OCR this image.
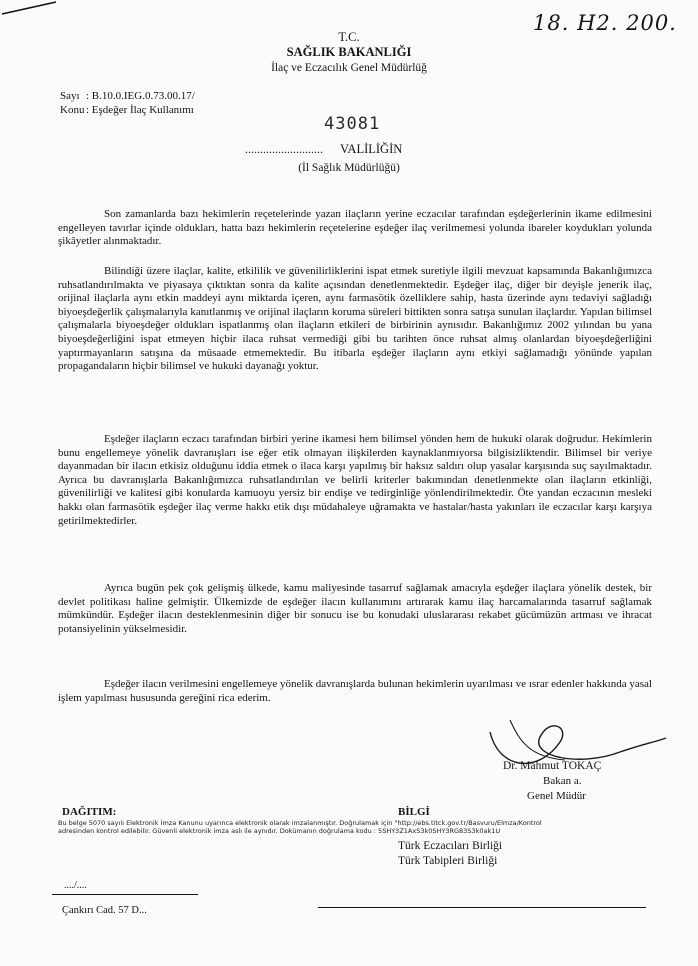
18. H2. 200.
T.C.
SAĞLIK BAKANLIĞI
İlaç ve Eczacılık Genel Müdürlüğ
Sayı : B.10.0.IEG.0.73.00.17/
Konu : Eşdeğer İlaç Kullanımı
43081
.......................... VALİLİĞİN
(İl Sağlık Müdürlüğü)

Son zamanlarda bazı hekimlerin reçetelerinde yazan ilaçların yerine eczacılar tarafından eşdeğerlerinin ikame edilmesini engelleyen tavırlar içinde oldukları, hatta bazı hekimlerin reçetelerine eşdeğer ilaç verilmemesi yolunda ibareler koydukları yolunda şikâyetler alınmaktadır.

Bilindiği üzere ilaçlar, kalite, etkililik ve güvenilirliklerini ispat etmek suretiyle ilgili mevzuat kapsamında Bakanlığımızca ruhsatlandırılmakta ve piyasaya çıktıktan sonra da kalite açısından denetlenmektedir. Eşdeğer ilaç, diğer bir deyişle jenerik ilaç, orijinal ilaçlarla aynı etkin maddeyi aynı miktarda içeren, aynı farmasötik özelliklere sahip, hasta üzerinde aynı tedaviyi sağladığı biyoeşdeğerlik çalışmalarıyla kanıtlanmış ve orijinal ilaçların koruma süreleri bittikten sonra satışa sunulan ilaçlardır. Yapılan bilimsel çalışmalarla biyoeşdeğer oldukları ispatlanmış olan ilaçların etkileri de birbirinin aynısıdır. Bakanlığımız 2002 yılından bu yana biyoeşdeğerliğini ispat etmeyen hiçbir ilaca ruhsat vermediği gibi bu tarihten önce ruhsat almış olanlardan biyoeşdeğerliğini yaptırmayanların satışına da müsaade etmemektedir. Bu itibarla eşdeğer ilaçların aynı etkiyi sağlamadığı yönünde yapılan propagandaların hiçbir bilimsel ve hukuki dayanağı yoktur.

Eşdeğer ilaçların eczacı tarafından birbiri yerine ikamesi hem bilimsel yönden hem de hukuki olarak doğrudur. Hekimlerin bunu engellemeye yönelik davranışları ise eğer etik olmayan ilişkilerden kaynaklanmıyorsa bilgisizliktendir. Bilimsel bir veriye dayanmadan bir ilacın etkisiz olduğunu iddia etmek o ilaca karşı yapılmış bir haksız saldırı olup yasalar karşısında suç sayılmaktadır. Ayrıca bu davranışlarla Bakanlığımızca ruhsatlandırılan ve belirli kriterler bakımından denetlenmekte olan ilaçların etkinliği, güvenilirliği ve kalitesi gibi konularda kamuoyu yersiz bir endişe ve tedirginliğe yönlendirilmektedir. Öte yandan eczacının mesleki hakkı olan farmasötik eşdeğer ilaç verme hakkı etik dışı müdahaleye uğramakta ve hastalar/hasta yakınları ile eczacılar karşı karşıya getirilmektedirler.

Ayrıca bugün pek çok gelişmiş ülkede, kamu maliyesinde tasarruf sağlamak amacıyla eşdeğer ilaçlara yönelik destek, bir devlet politikası haline gelmiştir. Ülkemizde de eşdeğer ilacın kullanımını artırarak kamu ilaç harcamalarında tasarruf sağlamak mümkündür. Eşdeğer ilacın desteklenmesinin diğer bir sonucu ise bu konudaki uluslararası rekabet gücümüzün artması ve ihracat potansiyelinin yükselmesidir.

Eşdeğer ilacın verilmesini engellemeye yönelik davranışlarda bulunan hekimlerin uyarılması ve ısrar edenler hakkında yasal işlem yapılması hususunda gereğini rica ederim.

Dr. Mahmut TOKAÇ
Bakan a.
Genel Müdür
DAĞITIM:	BİLGİ
Bu belge 5070 sayılı Elektronik İmza Kanunu uyarınca elektronik olarak imzalanmıştır. Doğrulamak için "http://ebs.titck.gov.tr/Basvuru/Elmza/Kontrol
adresinden kontrol edilebilir. Güvenli elektronik imza aslı ile aynıdır. Dokümanın doğrulama kodu : 5SHY3Z1AxS3k0SHY3RG83S3k0ak1U
Türk Eczacıları Birliği
Türk Tabipleri Birliği
..../....
Çankırı Cad. 57 D...
